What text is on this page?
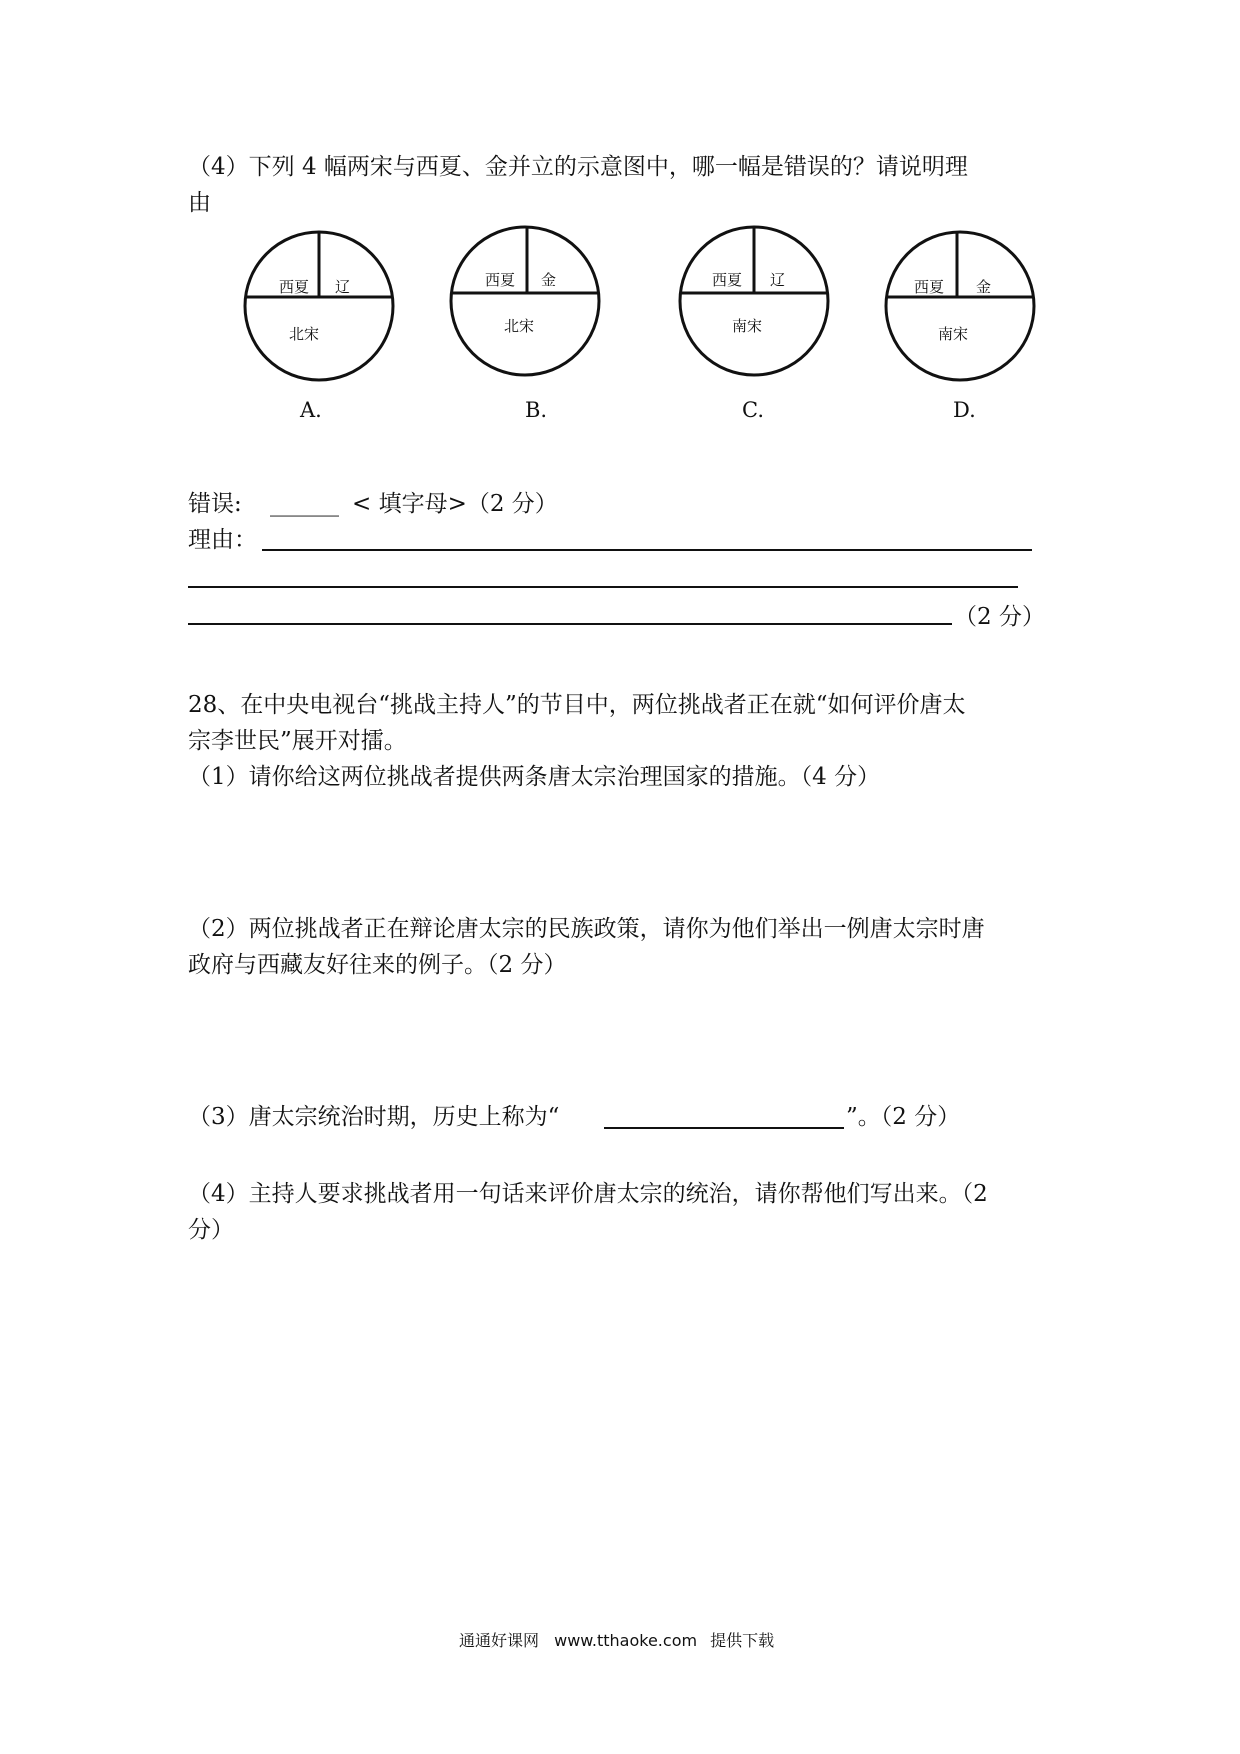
（4）下列 4 幅两宋与西夏、金并立的示意图中，哪一幅是错误的？请说明理
由
西夏 辽
北宋
A.
西夏 金
北宋
B.
西夏 辽
南宋
C.
西夏 金
南宋
D.
错误: ______ < 填字母>（2 分）
理由：
（2 分）
28、在中央电视台“挑战主持人”的节目中，两位挑战者正在就“如何评价唐太
宗李世民”展开对擂。
（1）请你给这两位挑战者提供两条唐太宗治理国家的措施。（4 分）
（2）两位挑战者正在辩论唐太宗的民族政策，请你为他们举出一例唐太宗时唐
政府与西藏友好往来的例子。（2 分）
（3）唐太宗统治时期，历史上称为“	”。（2 分）
（4）主持人要求挑战者用一句话来评价唐太宗的统治，请你帮他们写出来。（2
分）
通通好课网 www.tthaoke.com 提供下载
